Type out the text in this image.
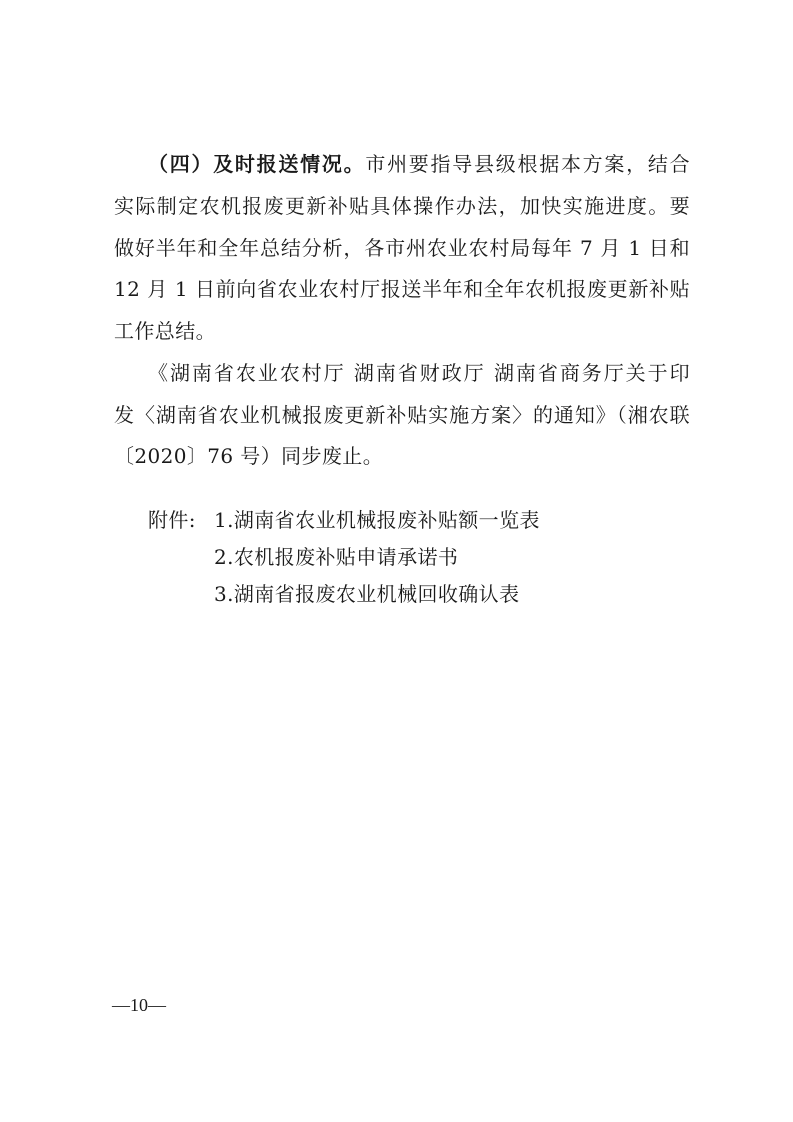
（四）及时报送情况。市州要指导县级根据本方案，结合
实际制定农机报废更新补贴具体操作办法，加快实施进度。要
做好半年和全年总结分析，各市州农业农村局每年 7 月 1 日和
12 月 1 日前向省农业农村厅报送半年和全年农机报废更新补贴
工作总结。
《湖南省农业农村厅 湖南省财政厅 湖南省商务厅关于印
发〈湖南省农业机械报废更新补贴实施方案〉的通知》（湘农联
〔2020〕76 号）同步废止。
附件: 1.湖南省农业机械报废补贴额一览表
2.农机报废补贴申请承诺书
3.湖南省报废农业机械回收确认表
—10—
